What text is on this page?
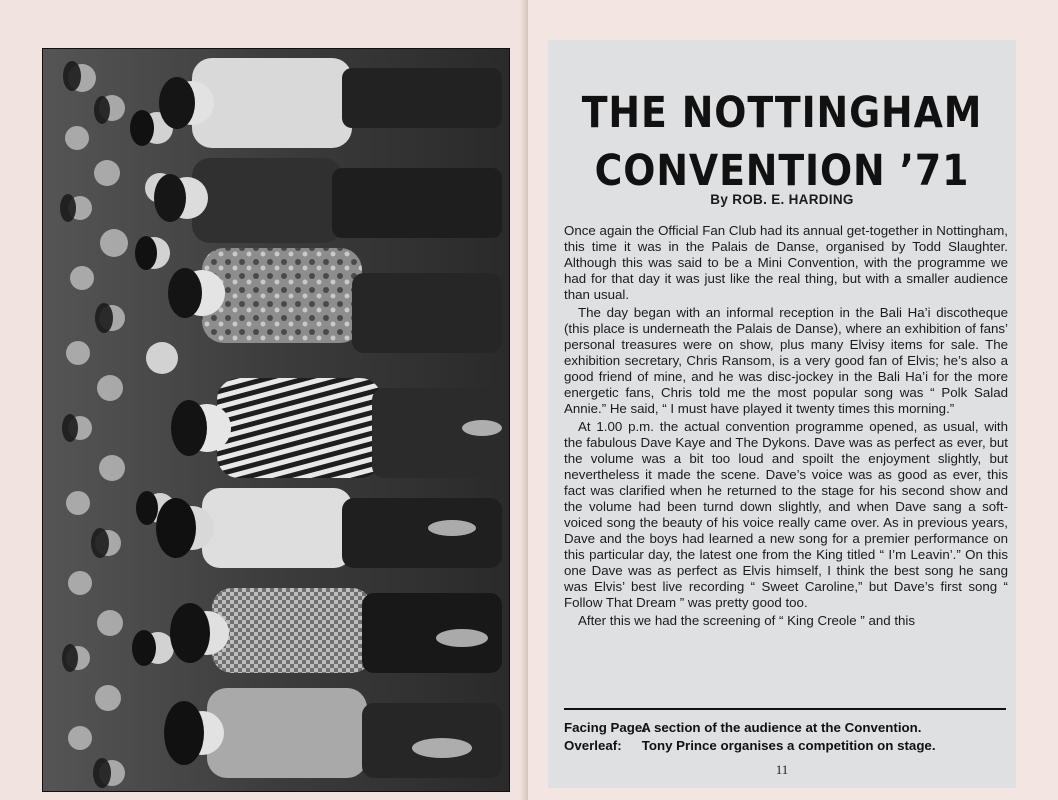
THE NOTTINGHAM
CONVENTION ’71
By ROB. E. HARDING

Once again the Official Fan Club had its annual get-together in Nottingham, this time it was in the Palais de Danse, organised by Todd Slaughter. Although this was said to be a Mini Convention, with the programme we had for that day it was just like the real thing, but with a smaller audience than usual.

The day began with an informal reception in the Bali Ha’i discotheque (this place is underneath the Palais de Danse), where an exhibition of fans’ personal treasures were on show, plus many Elvisy items for sale. The exhibition secretary, Chris Ransom, is a very good fan of Elvis; he’s also a good friend of mine, and he was disc-jockey in the Bali Ha’i for the more energetic fans, Chris told me the most popular song was “ Polk Salad Annie.” He said, “ I must have played it twenty times this morning.”

At 1.00 p.m. the actual convention programme opened, as usual, with the fabulous Dave Kaye and The Dykons. Dave was as perfect as ever, but the volume was a bit too loud and spoilt the enjoyment slightly, but nevertheless it made the scene. Dave’s voice was as good as ever, this fact was clarified when he returned to the stage for his second show and the volume had been turnd down slightly, and when Dave sang a soft-voiced song the beauty of his voice really came over. As in previous years, Dave and the boys had learned a new song for a premier performance on this particular day, the latest one from the King titled “ I’m Leavin’.” On this one Dave was as perfect as Elvis himself, I think the best song he sang was Elvis’ best live recording “ Sweet Caroline,” but Dave’s first song “ Follow That Dream ” was pretty good too.

After this we had the screening of “ King Creole ” and this

Facing Page: A section of the audience at the Convention.
Overleaf: Tony Prince organises a competition on stage.
11
